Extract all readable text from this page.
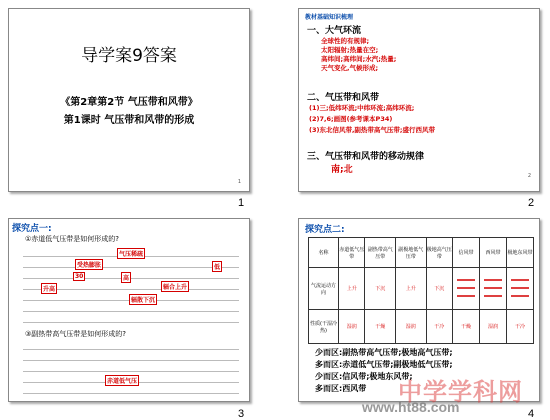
导学案9答案
《第2章第2节 气压带和风带》
第1课时 气压带和风带的形成
1
1
教材基础知识梳理
一、大气环流
全球性的有规律;
太阳辐射;热量在空;
高纬间;高纬间;水汽;热量;
天气变化,气候形成;
二、气压带和风带
(1)三;低纬环流;中纬环流;高纬环流;
(2)7,6;画图(参考课本P34)
(3)东北信风带,副热带高气压带;盛行西风带
三、气压带和风带的移动规律
南;北
2
2
探究点一:
①赤道低气压带是如何形成的?
③副热带高气压带是如何形成的?
气压稀疏
受热膨胀	低
30	高
升高	辐合上升
辐散下沉
赤道低气压
3
探究点二:
名称	赤道低气压带	副热带高气压带	副极地低气压带	极地高气压带	信风带	西风带	极地东风带
气流运动方向	上升	下沉	上升	下沉			
性质(干湿冷热)	湿润	干燥	湿润	干冷	干燥	湿润	干冷
少而区:副热带高气压带;极地高气压带;
多而区:赤道低气压带;副极地低气压带;
少而区:信风带;极地东风带;
多而区:西风带
4
中学学科网
www.ht88.com
